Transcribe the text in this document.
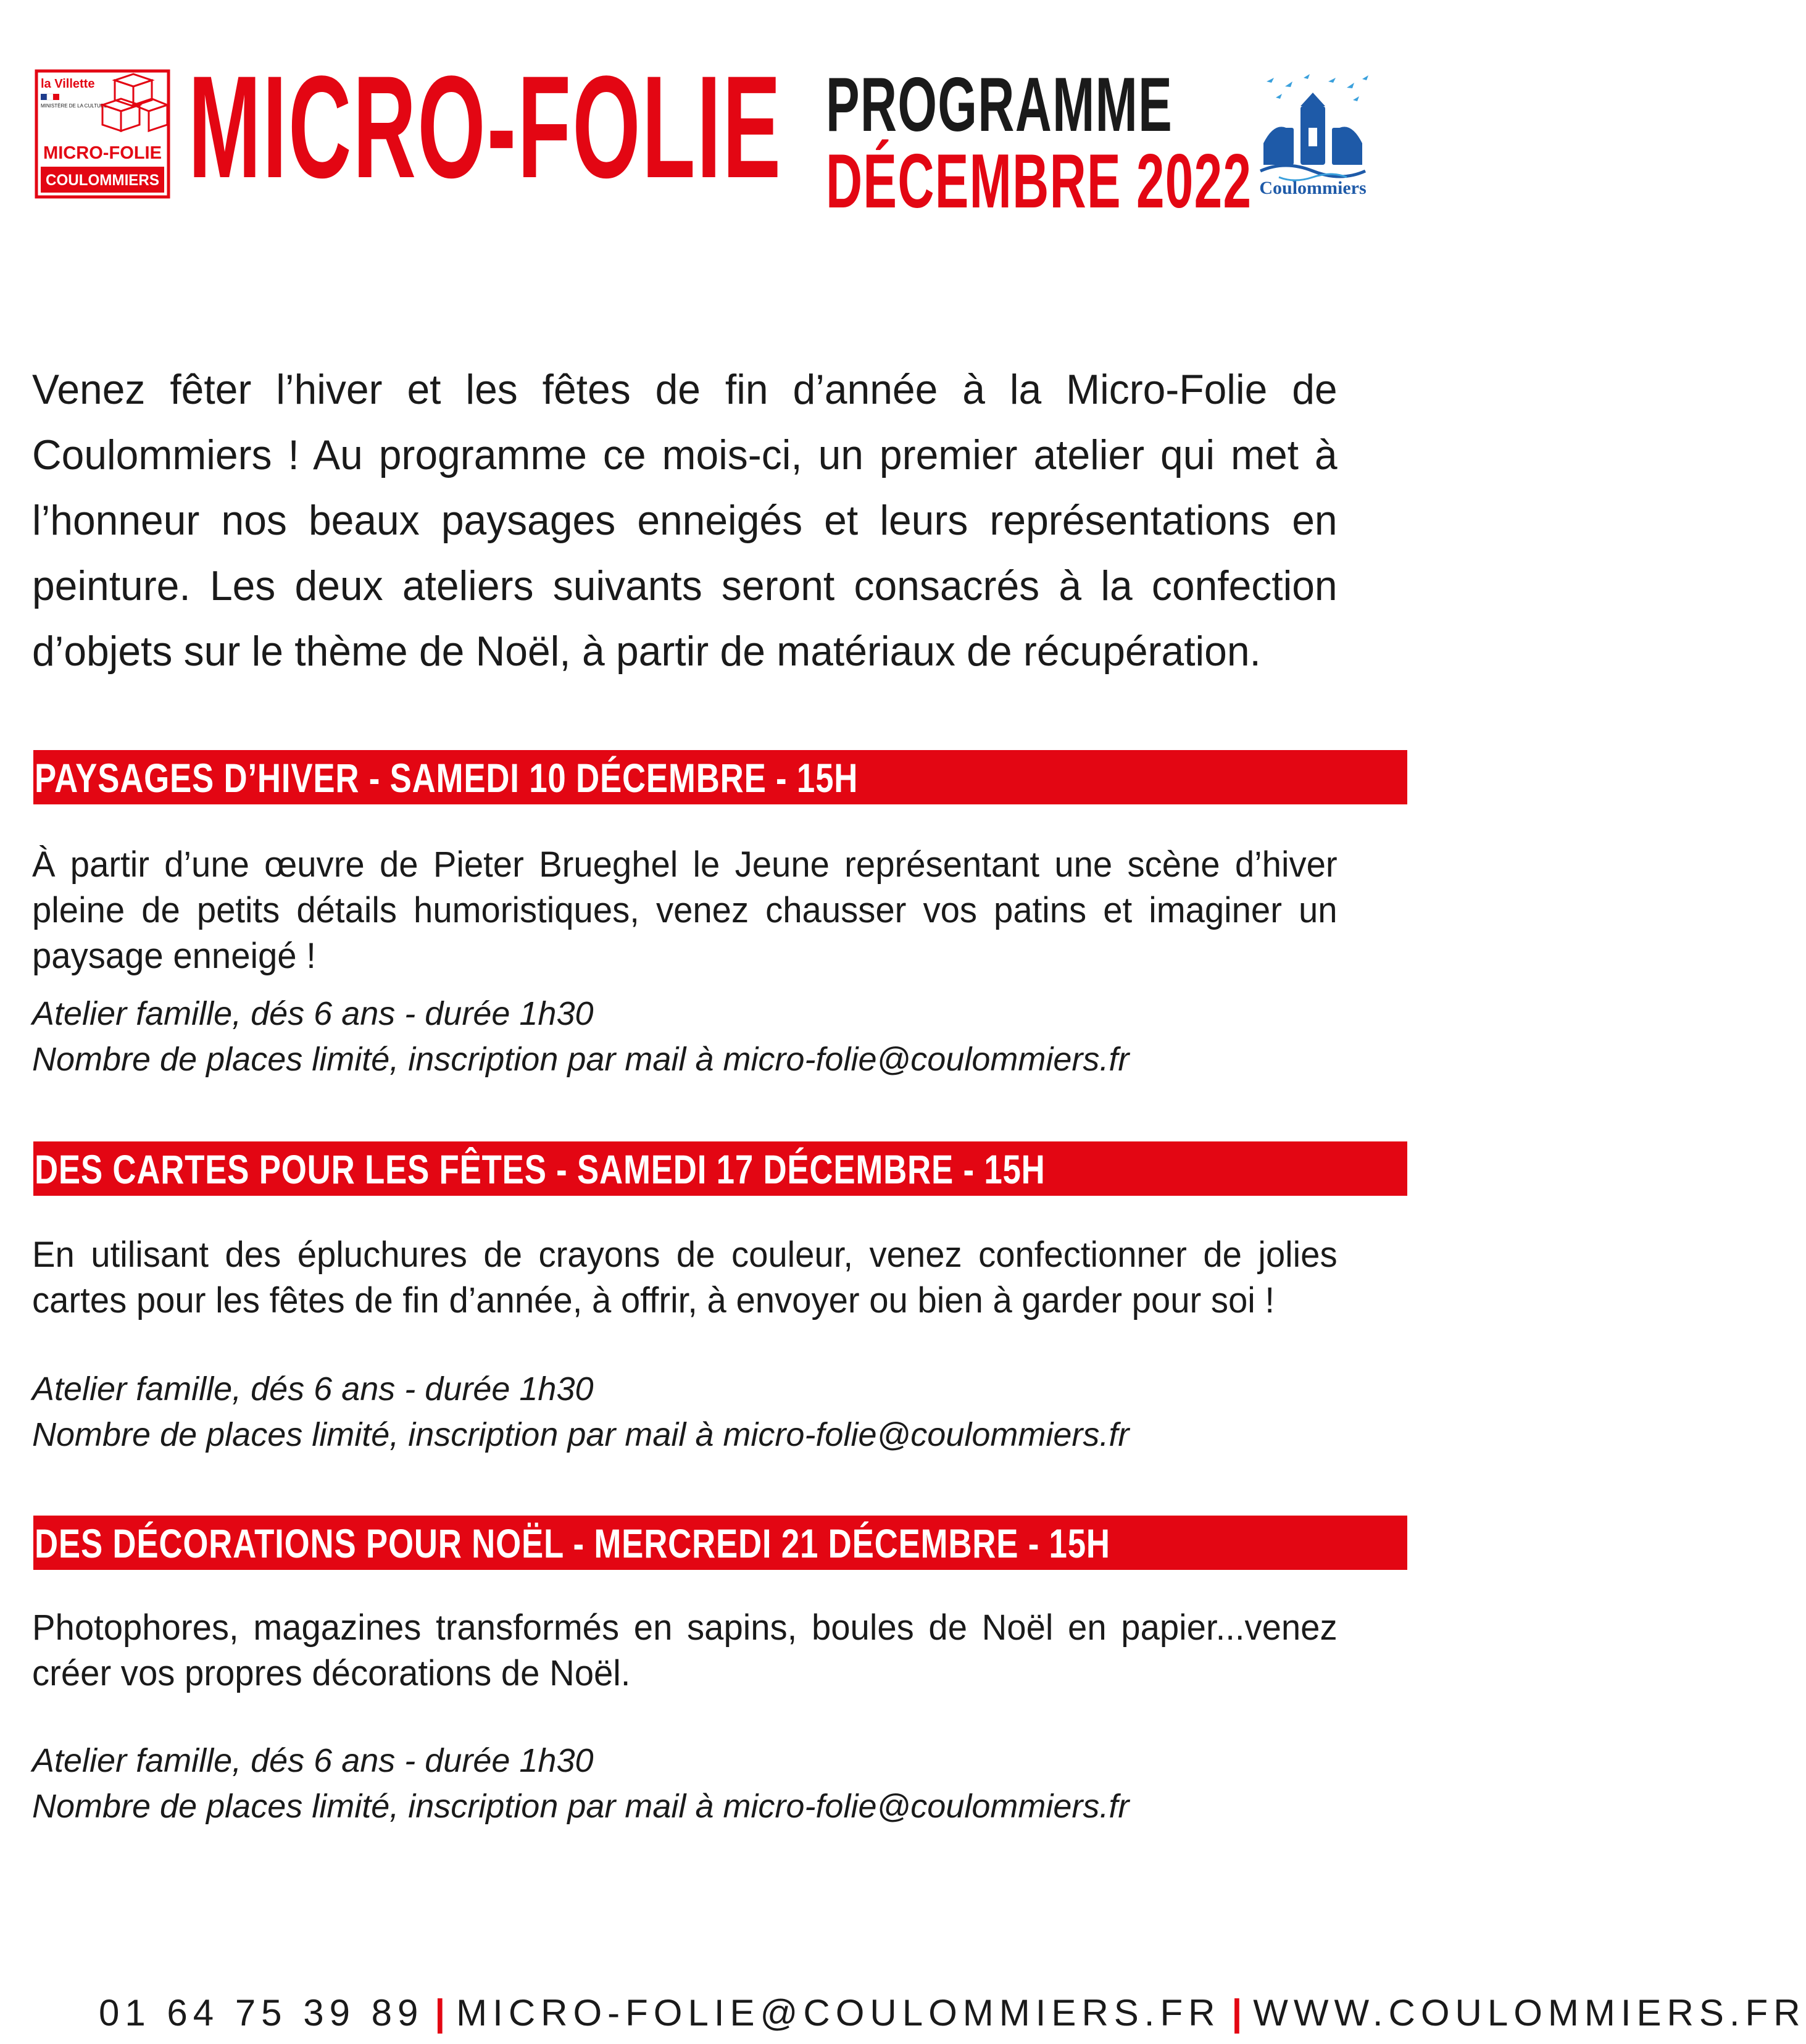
la Villette
MINISTÈRE DE LA CULTURE
MICRO-FOLIE
COULOMMIERS MICRO-FOLIE PROGRAMME
DÉCEMBRE 2022 Coulommiers
Venez fêter l’hiver et les fêtes de fin d’année à la Micro-Folie de Coulommiers ! Au programme ce mois-ci, un premier atelier qui met à l’honneur nos beaux paysages enneigés et leurs représentations en peinture. Les deux ateliers suivants seront consacrés à la confection d’objets sur le thème de Noël, à partir de matériaux de récupération.
PAYSAGES D’HIVER - SAMEDI 10 DÉCEMBRE - 15H
À partir d’une œuvre de Pieter Brueghel le Jeune représentant une scène d’hiver pleine de petits détails humoristiques, venez chausser vos patins et imaginer un paysage enneigé !
Atelier famille, dés 6 ans - durée 1h30
Nombre de places limité, inscription par mail à micro-folie@coulommiers.fr
DES CARTES POUR LES FÊTES - SAMEDI 17 DÉCEMBRE - 15H
En utilisant des épluchures de crayons de couleur, venez confectionner de jolies cartes pour les fêtes de fin d’année, à offrir, à envoyer ou bien à garder pour soi !
Atelier famille, dés 6 ans - durée 1h30
Nombre de places limité, inscription par mail à micro-folie@coulommiers.fr
DES DÉCORATIONS POUR NOËL - MERCREDI 21 DÉCEMBRE - 15H
Photophores, magazines transformés en sapins, boules de Noël en papier...venez créer vos propres décorations de Noël.
Atelier famille, dés 6 ans - durée 1h30
Nombre de places limité, inscription par mail à micro-folie@coulommiers.fr
01 64 75 39 89 | MICRO-FOLIE@COULOMMIERS.FR | WWW.COULOMMIERS.FR
